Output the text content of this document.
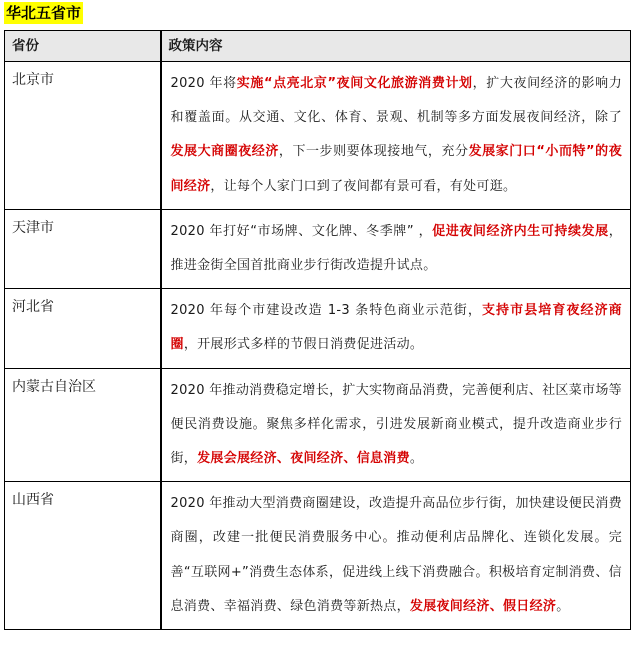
华北五省市
省份	政策内容
北京市	2020 年将实施“点亮北京”夜间文化旅游消费计划，扩大夜间经济的影响力和覆盖面。从交通、文化、体育、景观、机制等多方面发展夜间经济，除了发展大商圈夜经济，下一步则要体现接地气，充分发展家门口“小而特”的夜间经济，让每个人家门口到了夜间都有景可看，有处可逛。
天津市	2020 年打好“市场牌、文化牌、冬季牌” ，促进夜间经济内生可持续发展，推进金街全国首批商业步行街改造提升试点。
河北省	2020 年每个市建设改造 1-3 条特色商业示范街，支持市县培育夜经济商圈，开展形式多样的节假日消费促进活动。
内蒙古自治区	2020 年推动消费稳定增长，扩大实物商品消费，完善便利店、社区菜市场等便民消费设施。聚焦多样化需求，引进发展新商业模式，提升改造商业步行街，发展会展经济、夜间经济、信息消费。
山西省	2020 年推动大型消费商圈建设，改造提升高品位步行街，加快建设便民消费商圈，改建一批便民消费服务中心。推动便利店品牌化、连锁化发展。完善“互联网+”消费生态体系，促进线上线下消费融合。积极培育定制消费、信息消费、幸福消费、绿色消费等新热点，发展夜间经济、假日经济。
